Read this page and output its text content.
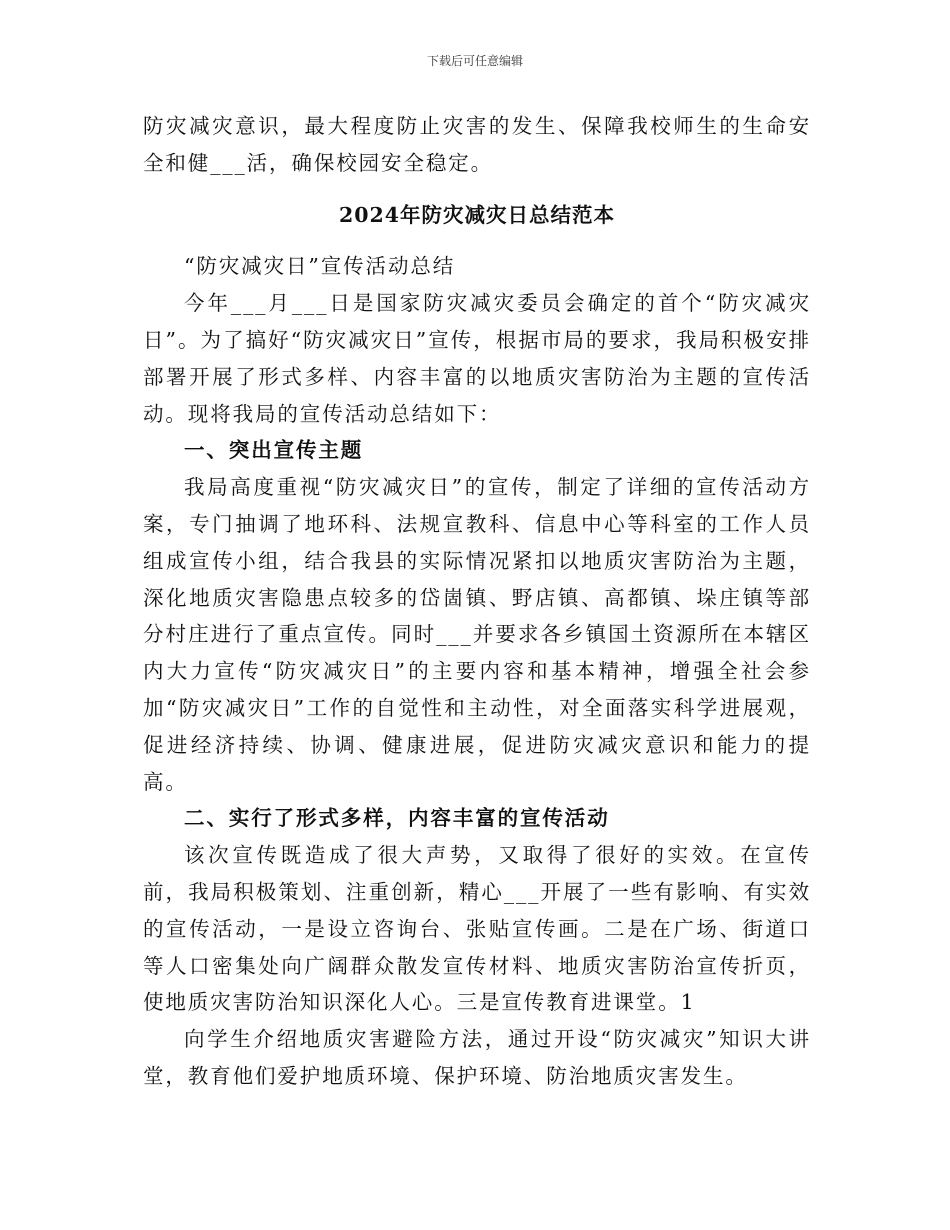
下载后可任意编辑

防灾减灾意识，最大程度防止灾害的发生、保障我校师生的生命安全和健___活，确保校园安全稳定。

2024年防灾减灾日总结范本

“防灾减灾日”宣传活动总结

今年___月___日是国家防灾减灾委员会确定的首个“防灾减灾日”。为了搞好“防灾减灾日”宣传，根据市局的要求，我局积极安排部署开展了形式多样、内容丰富的以地质灾害防治为主题的宣传活动。现将我局的宣传活动总结如下：

一、突出宣传主题

我局高度重视“防灾减灾日”的宣传，制定了详细的宣传活动方案，专门抽调了地环科、法规宣教科、信息中心等科室的工作人员组成宣传小组，结合我县的实际情况紧扣以地质灾害防治为主题，深化地质灾害隐患点较多的岱崮镇、野店镇、高都镇、垛庄镇等部分村庄进行了重点宣传。同时___并要求各乡镇国土资源所在本辖区内大力宣传“防灾减灾日”的主要内容和基本精神，增强全社会参加“防灾减灾日”工作的自觉性和主动性，对全面落实科学进展观，促进经济持续、协调、健康进展，促进防灾减灾意识和能力的提高。

二、实行了形式多样，内容丰富的宣传活动

该次宣传既造成了很大声势，又取得了很好的实效。在宣传前，我局积极策划、注重创新，精心___开展了一些有影响、有实效的宣传活动，一是设立咨询台、张贴宣传画。二是在广场、街道口等人口密集处向广阔群众散发宣传材料、地质灾害防治宣传折页，使地质灾害防治知识深化人心。三是宣传教育进课堂。1

向学生介绍地质灾害避险方法，通过开设“防灾减灾”知识大讲堂，教育他们爱护地质环境、保护环境、防治地质灾害发生。
